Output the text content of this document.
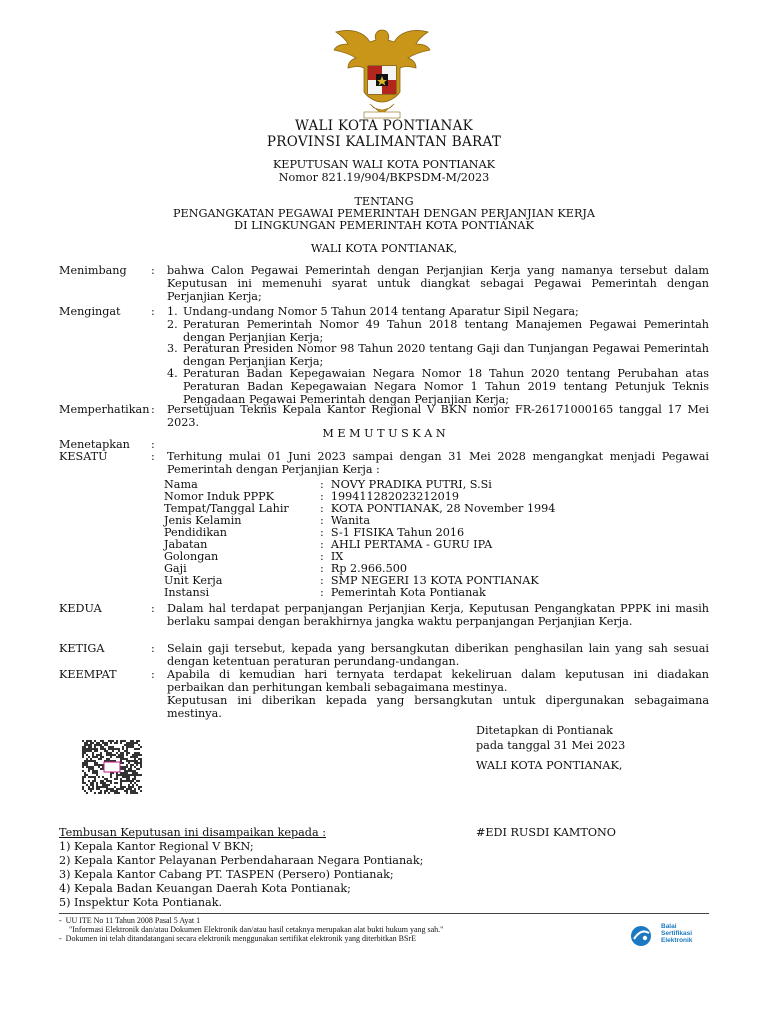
WALI KOTA PONTIANAK
PROVINSI KALIMANTAN BARAT
KEPUTUSAN WALI KOTA PONTIANAK
Nomor 821.19/904/BKPSDM-M/2023
TENTANG
PENGANGKATAN PEGAWAI PEMERINTAH DENGAN PERJANJIAN KERJA
DI LINGKUNGAN PEMERINTAH KOTA PONTIANAK
WALI KOTA PONTIANAK,
Menimbang : bahwa Calon Pegawai Pemerintah dengan Perjanjian Kerja yang namanya tersebut dalam Keputusan ini memenuhi syarat untuk diangkat sebagai Pegawai Pemerintah dengan Perjanjian Kerja;
Mengingat	: 1. Undang-undang Nomor 5 Tahun 2014 tentang Aparatur Sipil Negara;
2. Peraturan Pemerintah Nomor 49 Tahun 2018 tentang Manajemen Pegawai Pemerintah dengan Perjanjian Kerja;
3. Peraturan Presiden Nomor 98 Tahun 2020 tentang Gaji dan Tunjangan Pegawai Pemerintah dengan Perjanjian Kerja;
4. Peraturan Badan Kepegawaian Negara Nomor 18 Tahun 2020 tentang Perubahan atas Peraturan Badan Kepegawaian Negara Nomor 1 Tahun 2019 tentang Petunjuk Teknis Pengadaan Pegawai Pemerintah dengan Perjanjian Kerja;
Memperhatikan : Persetujuan Teknis Kepala Kantor Regional V BKN nomor FR-26171000165 tanggal 17 Mei 2023.
M E M U T U S K A N
Menetapkan :
KESATU	: Terhitung mulai 01 Juni 2023 sampai dengan 31 Mei 2028 mengangkat menjadi Pegawai Pemerintah dengan Perjanjian Kerja :
Nama	:  NOVY PRADIKA PUTRI, S.Si
Nomor Induk PPPK	:  199411282023212019
Tempat/Tanggal Lahir	:  KOTA PONTIANAK, 28 November 1994
Jenis Kelamin	:  Wanita
Pendidikan	:  S-1 FISIKA Tahun 2016
Jabatan	:  AHLI PERTAMA - GURU IPA
Golongan	:  IX
Gaji	:  Rp 2.966.500
Unit Kerja	:  SMP NEGERI 13 KOTA PONTIANAK
Instansi	:  Pemerintah Kota Pontianak
KEDUA	: Dalam hal terdapat perpanjangan Perjanjian Kerja, Keputusan Pengangkatan PPPK ini masih berlaku sampai dengan berakhirnya jangka waktu perpanjangan Perjanjian Kerja.
KETIGA	: Selain gaji tersebut, kepada yang bersangkutan diberikan penghasilan lain yang sah sesuai dengan ketentuan peraturan perundang-undangan.
KEEMPAT	: Apabila di kemudian hari ternyata terdapat kekeliruan dalam keputusan ini diadakan perbaikan dan perhitungan kembali sebagaimana mestinya.
Keputusan ini diberikan kepada yang bersangkutan untuk dipergunakan sebagaimana mestinya.
Ditetapkan di Pontianak
pada tanggal 31 Mei 2023
WALI KOTA PONTIANAK,
#EDI RUSDI KAMTONO
Tembusan Keputusan ini disampaikan kepada :
1) Kepala Kantor Regional V BKN;
2) Kepala Kantor Pelayanan Perbendaharaan Negara Pontianak;
3) Kepala Kantor Cabang PT. TASPEN (Persero) Pontianak;
4) Kepala Badan Keuangan Daerah Kota Pontianak;
5) Inspektur Kota Pontianak.
-  UU ITE No 11 Tahun 2008 Pasal 5 Ayat 1
"Informasi Elektronik dan/atau Dokumen Elektronik dan/atau hasil cetaknya merupakan alat bukti hukum yang sah."
-  Dokumen ini telah ditandatangani secara elektronik menggunakan sertifikat elektronik yang diterbitkan BSrE
Balai
Sertifikasi
Elektronik
